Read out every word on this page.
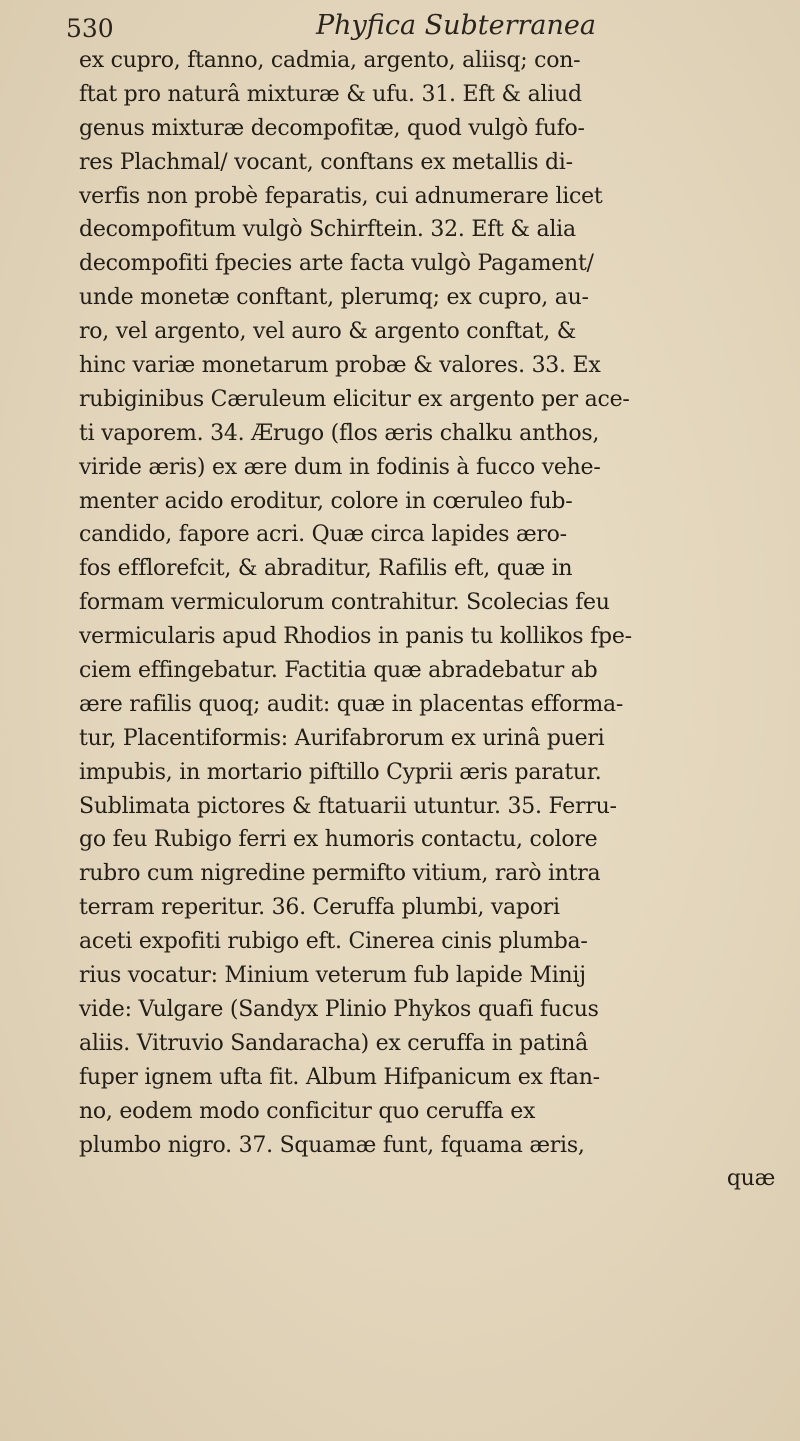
530	Phyfica Subterranea
ex cupro, ftanno, cadmia, argento, aliisq; con-
ftat pro naturâ mixturæ & ufu. 31. Eft & aliud
genus mixturæ decompofitæ, quod vulgò fufo-
res Plachmal/ vocant, conftans ex metallis di-
verfis non probè feparatis, cui adnumerare licet
decompofitum vulgò Schirftein. 32. Eft & alia
decompofiti fpecies arte facta vulgò Pagament/
unde monetæ conftant, plerumq; ex cupro, au-
ro, vel argento, vel auro & argento conftat, &
hinc variæ monetarum probæ & valores. 33. Ex
rubiginibus Cæruleum elicitur ex argento per ace-
ti vaporem. 34. Ærugo (flos æris chalku anthos,
viride æris) ex ære dum in fodinis à fucco vehe-
menter acido eroditur, colore in cœruleo fub-
candido, fapore acri. Quæ circa lapides æro-
fos efflorefcit, & abraditur, Rafilis eft, quæ in
formam vermiculorum contrahitur. Scolecias feu
vermicularis apud Rhodios in panis tu kollikos fpe-
ciem effingebatur. Factitia quæ abradebatur ab
ære rafilis quoq; audit: quæ in placentas efforma-
tur, Placentiformis: Aurifabrorum ex urinâ pueri
impubis, in mortario piftillo Cyprii æris paratur.
Sublimata pictores & ftatuarii utuntur. 35. Ferru-
go feu Rubigo ferri ex humoris contactu, colore
rubro cum nigredine permifto vitium, rarò intra
terram reperitur. 36. Ceruffa plumbi, vapori
aceti expofiti rubigo eft. Cinerea cinis plumba-
rius vocatur: Minium veterum fub lapide Minij
vide: Vulgare (Sandyx Plinio Phykos quafi fucus
aliis. Vitruvio Sandaracha) ex ceruffa in patinâ
fuper ignem ufta fit. Album Hifpanicum ex ftan-
no, eodem modo conficitur quo ceruffa ex
plumbo nigro. 37. Squamæ funt, fquama æris,
quæ
